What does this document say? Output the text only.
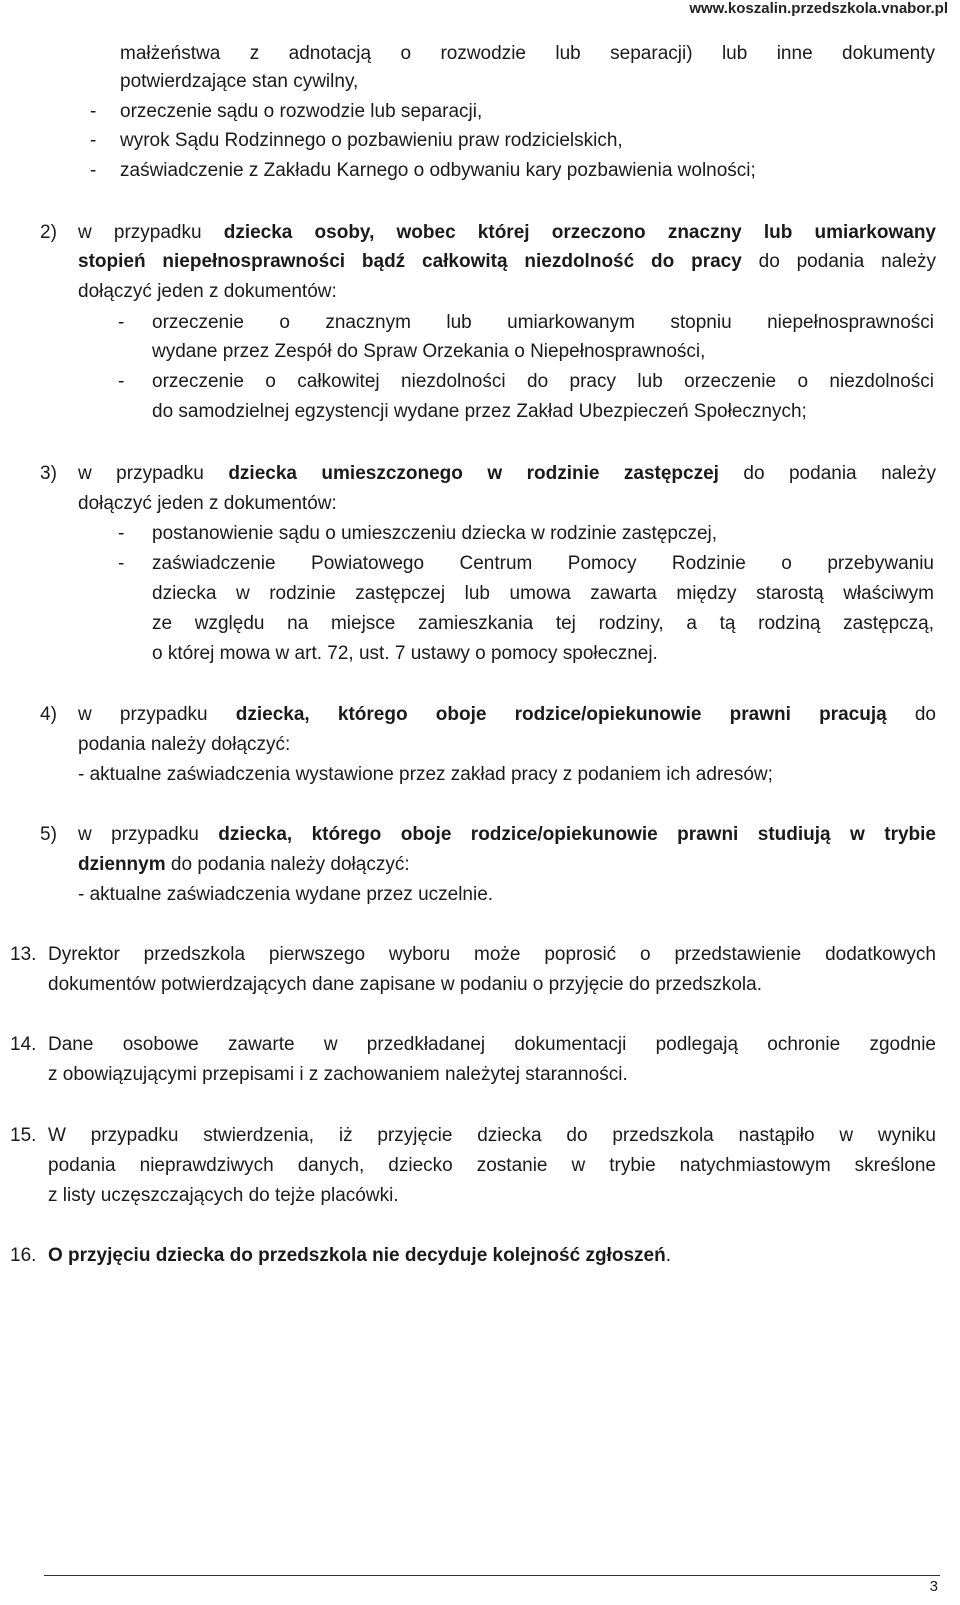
www.koszalin.przedszkola.vnabor.pl

małżeństwa z adnotacją o rozwodzie lub separacji) lub inne dokumenty

potwierdzające stan cywilny,

- orzeczenie sądu o rozwodzie lub separacji,

- wyrok Sądu Rodzinnego o pozbawieniu praw rodzicielskich,

- zaświadczenie z Zakładu Karnego o odbywaniu kary pozbawienia wolności;

2) w przypadku dziecka osoby, wobec której orzeczono znaczny lub umiarkowany

stopień niepełnosprawności bądź całkowitą niezdolność do pracy do podania należy

dołączyć jeden z dokumentów:

- orzeczenie o znacznym lub umiarkowanym stopniu niepełnosprawności

wydane przez Zespół do Spraw Orzekania o Niepełnosprawności,

- orzeczenie o całkowitej niezdolności do pracy lub orzeczenie o niezdolności

do samodzielnej egzystencji wydane przez Zakład Ubezpieczeń Społecznych;

3) w przypadku dziecka umieszczonego w rodzinie zastępczej do podania należy

dołączyć jeden z dokumentów:

- postanowienie sądu o umieszczeniu dziecka w rodzinie zastępczej,

- zaświadczenie Powiatowego Centrum Pomocy Rodzinie o przebywaniu

dziecka w rodzinie zastępczej lub umowa zawarta między starostą właściwym

ze względu na miejsce zamieszkania tej rodziny, a tą rodziną zastępczą,

o której mowa w art. 72, ust. 7 ustawy o pomocy społecznej.

4) w przypadku dziecka, którego oboje rodzice/opiekunowie prawni pracują do

podania należy dołączyć:

- aktualne zaświadczenia wystawione przez zakład pracy z podaniem ich adresów;

5) w przypadku dziecka, którego oboje rodzice/opiekunowie prawni studiują w trybie

dziennym do podania należy dołączyć:

- aktualne zaświadczenia wydane przez uczelnie.

13. Dyrektor przedszkola pierwszego wyboru może poprosić o przedstawienie dodatkowych

dokumentów potwierdzających dane zapisane w podaniu o przyjęcie do przedszkola.

14. Dane osobowe zawarte w przedkładanej dokumentacji podlegają ochronie zgodnie

z obowiązującymi przepisami i z zachowaniem należytej staranności.

15. W przypadku stwierdzenia, iż przyjęcie dziecka do przedszkola nastąpiło w wyniku

podania nieprawdziwych danych, dziecko zostanie w trybie natychmiastowym skreślone

z listy uczęszczających do tejże placówki.

16. O przyjęciu dziecka do przedszkola nie decyduje kolejność zgłoszeń.

3
